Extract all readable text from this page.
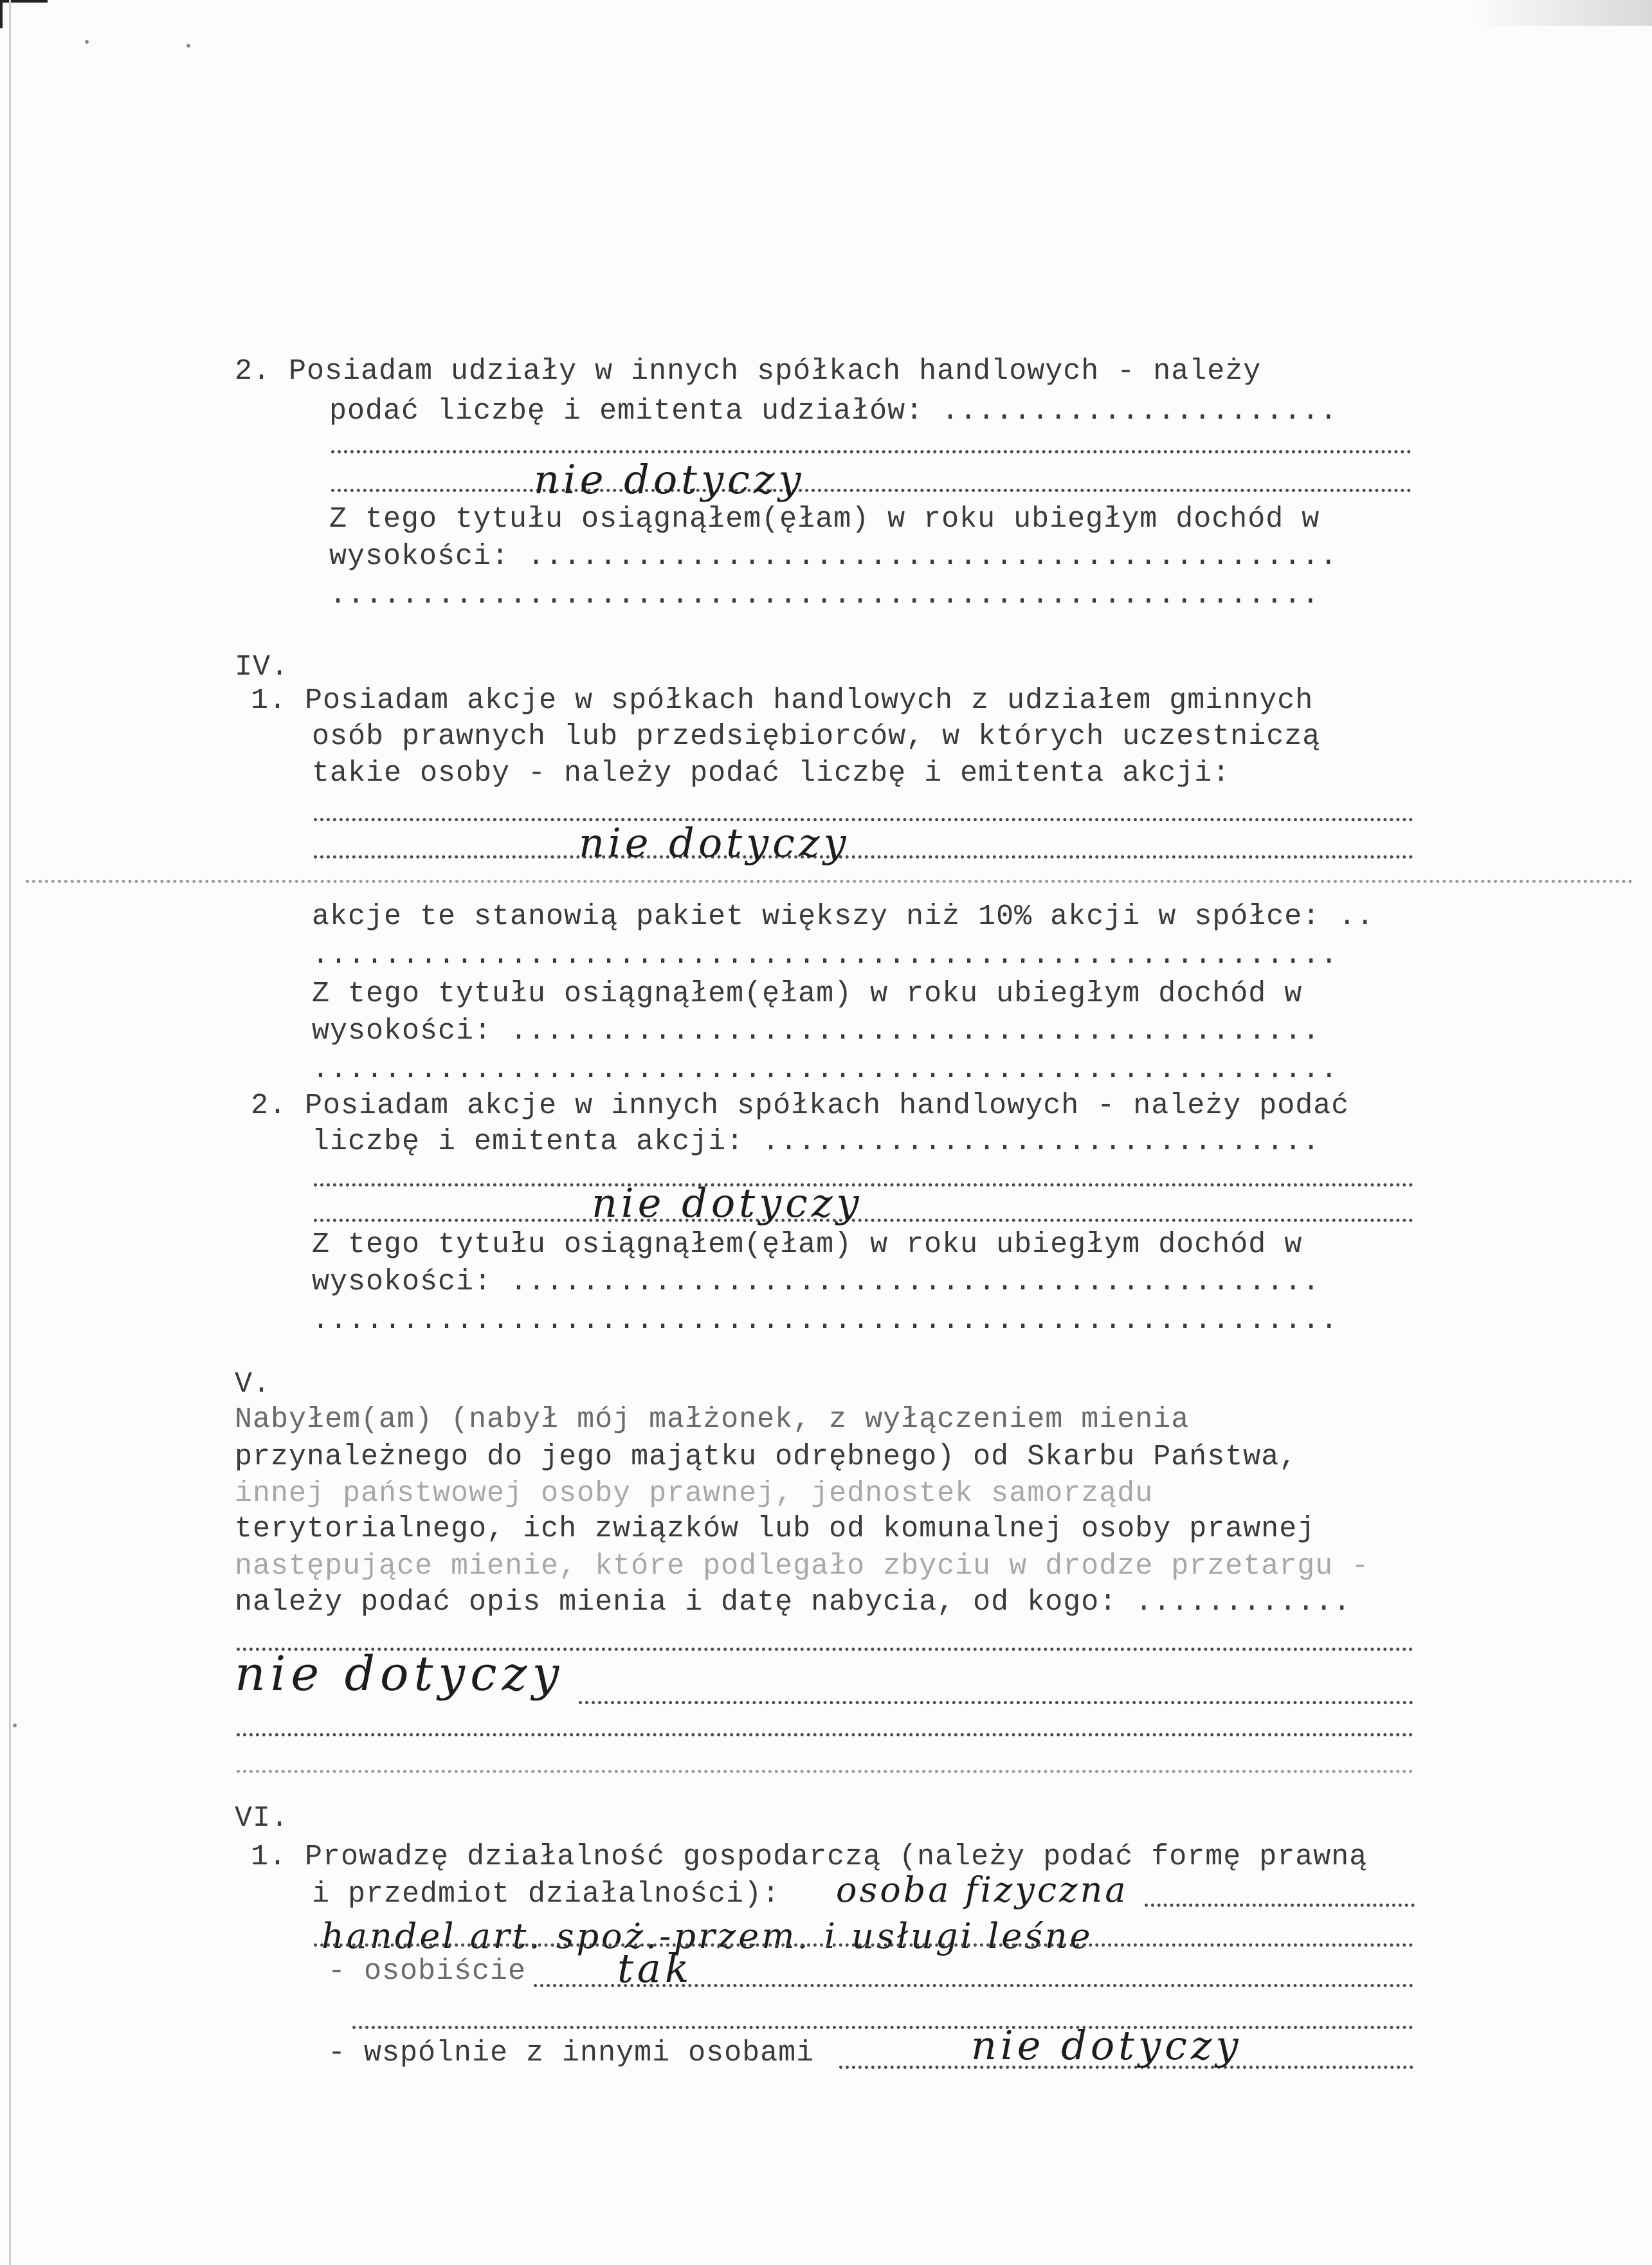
2. Posiadam udziały w innych spółkach handlowych - należy
podać liczbę i emitenta udziałów: ......................
nie dotyczy
Z tego tytułu osiągnąłem(ęłam) w roku ubiegłym dochód w
wysokości: .............................................
.......................................................
IV.
1. Posiadam akcje w spółkach handlowych z udziałem gminnych
osób prawnych lub przedsiębiorców, w których uczestniczą
takie osoby - należy podać liczbę i emitenta akcji:
nie dotyczy
akcje te stanowią pakiet większy niż 10% akcji w spółce: ..
.........................................................
Z tego tytułu osiągnąłem(ęłam) w roku ubiegłym dochód w
wysokości: .............................................
.........................................................
2. Posiadam akcje w innych spółkach handlowych - należy podać
liczbę i emitenta akcji: ...............................
nie dotyczy
Z tego tytułu osiągnąłem(ęłam) w roku ubiegłym dochód w
wysokości: .............................................
.........................................................
V.
Nabyłem(am) (nabył mój małżonek, z wyłączeniem mienia
przynależnego do jego majątku odrębnego) od Skarbu Państwa,
innej państwowej osoby prawnej, jednostek samorządu
terytorialnego, ich związków lub od komunalnej osoby prawnej
następujące mienie, które podlegało zbyciu w drodze przetargu -
należy podać opis mienia i datę nabycia, od kogo: ............
nie dotyczy
VI.
1. Prowadzę działalność gospodarczą (należy podać formę prawną
i przedmiot działalności): osoba fizyczna
handel art. spoż.-przem. i usługi leśne
- osobiście tak
- wspólnie z innymi osobami	nie dotyczy
